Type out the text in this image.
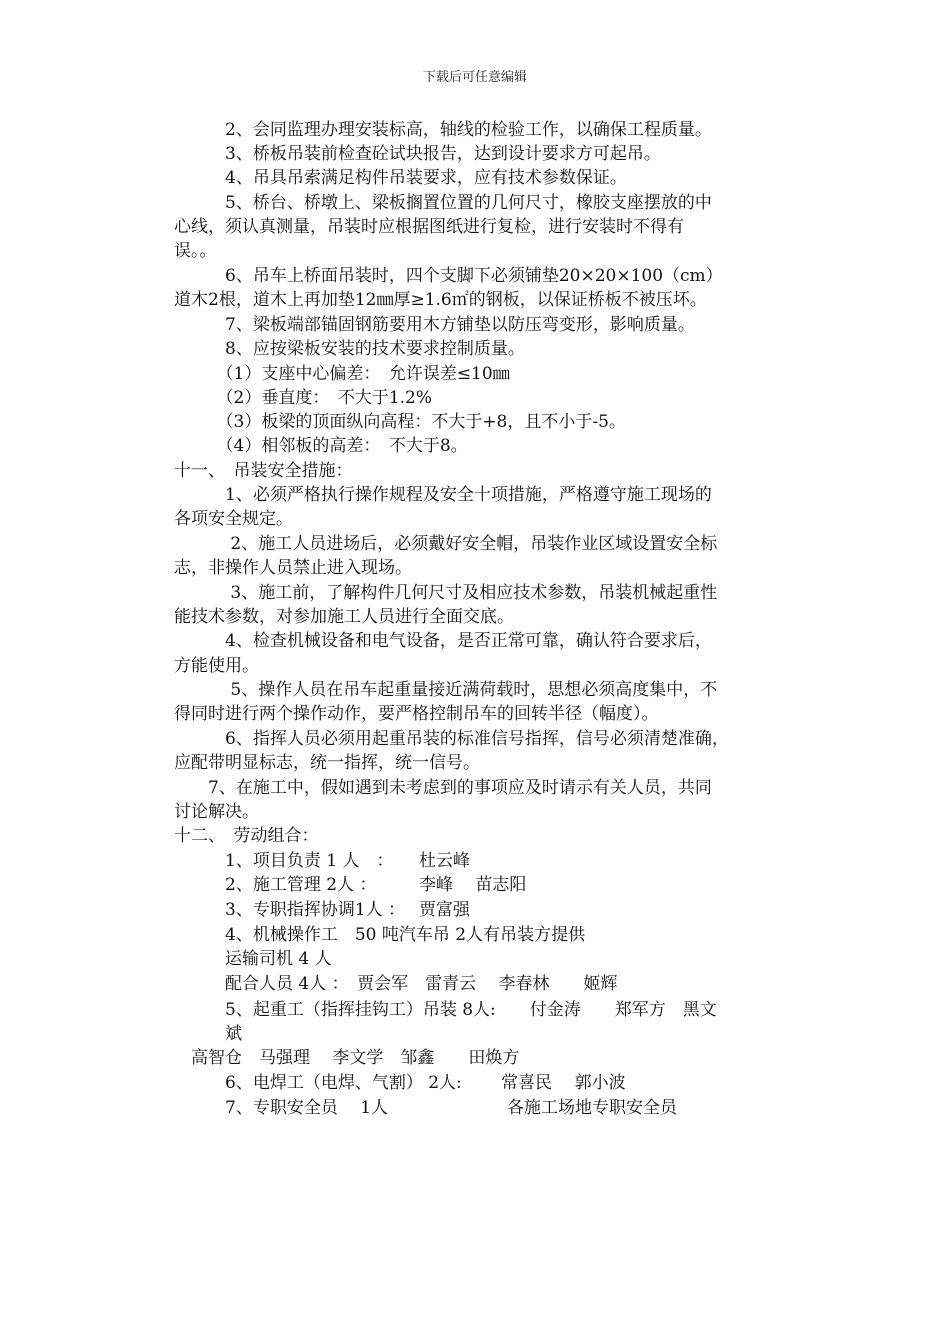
下载后可任意编辑
　　　2、会同监理办理安装标高，轴线的检验工作，以确保工程质量。
　　　3、桥板吊装前检查砼试块报告，达到设计要求方可起吊。
　　　4、吊具吊索满足构件吊装要求，应有技术参数保证。
　　　5、桥台、桥墩上、梁板搁置位置的几何尺寸，橡胶支座摆放的中
心线，须认真测量，吊装时应根据图纸进行复检，进行安装时不得有
误。。
　　　6、吊车上桥面吊装时，四个支脚下必须铺垫20×20×100（cm）
道木2根，道木上再加垫12㎜厚≥1.6㎡的钢板，以保证桥板不被压坏。
　　　7、梁板端部锚固钢筋要用木方铺垫以防压弯变形，影响质量。
　　　8、应按梁板安装的技术要求控制质量。
　　　（1）支座中心偏差：　允许误差≤10㎜
　　　（2）垂直度：　不大于1.2%
　　　（3）板梁的顶面纵向高程：不大于+8，且不小于-5。
　　　（4）相邻板的高差：　不大于8。
十一、　吊装安全措施：
　　　1、必须严格执行操作规程及安全十项措施，严格遵守施工现场的
各项安全规定。
　　　 2、施工人员进场后，必须戴好安全帽，吊装作业区域设置安全标
志，非操作人员禁止进入现场。
　　　 3、施工前，了解构件几何尺寸及相应技术参数，吊装机械起重性
能技术参数，对参加施工人员进行全面交底。
　　　4、检查机械设备和电气设备，是否正常可靠，确认符合要求后，
方能使用。
　　　 5、操作人员在吊车起重量接近满荷载时，思想必须高度集中，不
得同时进行两个操作动作，要严格控制吊车的回转半径（幅度）。
　　　6、指挥人员必须用起重吊装的标准信号指挥，信号必须清楚准确，
应配带明显标志，统一指挥，统一信号。
　　7、在施工中，假如遇到未考虑到的事项应及时请示有关人员，共同
讨论解决。
十二、　劳动组合：
　　　1、项目负责 1 人　：　　杜云峰
　　　2、施工管理 2人 ：　　　李峰　 苗志阳
　　　3、专职指挥协调1人 ：　 贾富强
　　　4、机械操作工　50 吨汽车吊 2人有吊装方提供
　　　运输司机 4 人
　　　配合人员 4人 ：　贾会军　雷青云　 李春林　　姬辉
　　　5、起重工（指挥挂钩工）吊装 8人:　　付金涛　　郑军方　黑文
　　　斌
　高智仓　马强理　 李文学　邹鑫　　田焕方
　　　6、电焊工（电焊、气割） 2人:　　 常喜民　 郭小波
　　　7、专职安全员　 1人　　　　　　　各施工场地专职安全员
